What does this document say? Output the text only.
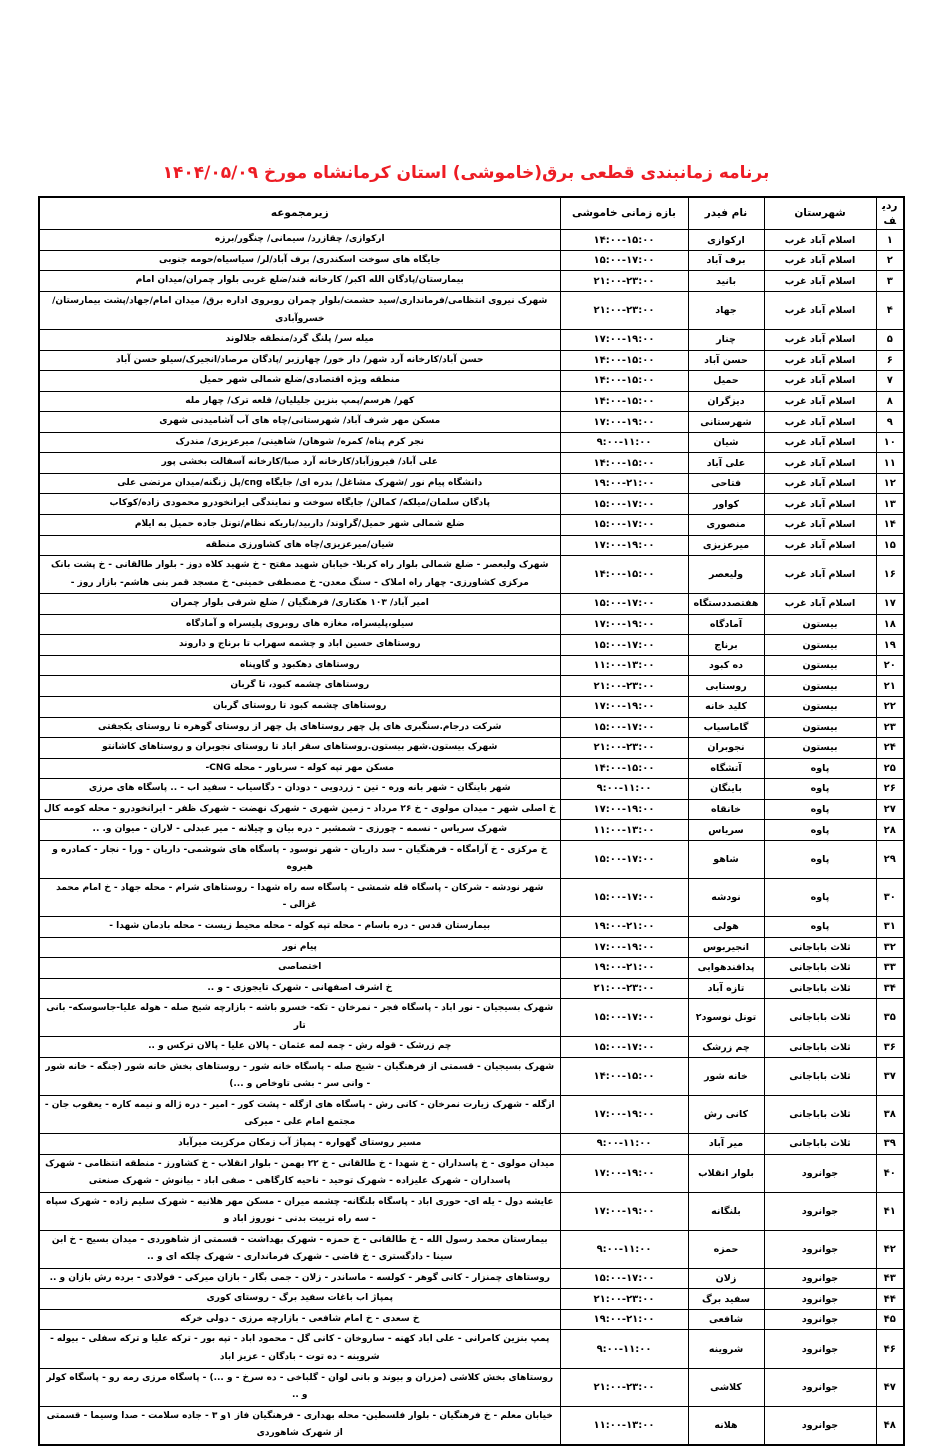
برنامه زمانبندی قطعی برق(خاموشی) استان کرمانشاه مورخ ۱۴۰۴/۰۵/۰۹
ردیف	شهرستان	نام فیدر	بازه زمانی خاموشی	زیرمجموعه
۱	اسلام آباد غرب	ارکوازی	۱۴:۰۰-۱۵:۰۰	ارکوازی/ چقازرد/ سیمانی/ چنگور/برزه
۲	اسلام آباد غرب	برف آباد	۱۵:۰۰-۱۷:۰۰	جایگاه های سوخت اسکندری/ برف آباد/لر/ سیاسیاه/حومه جنوبی
۳	اسلام آباد غرب	بانید	۲۱:۰۰-۲۳:۰۰	بیمارستان/پادگان الله اکبر/ کارخانه قند/ضلع غربی بلوار چمران/میدان امام
۴	اسلام آباد غرب	جهاد	۲۱:۰۰-۲۳:۰۰	شهرک نیروی انتظامی/فرمانداری/سید حشمت/بلوار چمران روبروی اداره برق/ میدان امام/جهاد/پشت بیمارستان/ خسروآبادی
۵	اسلام آباد غرب	چنار	۱۷:۰۰-۱۹:۰۰	میله سر/ پلنگ گرد/منطقه جلالوند
۶	اسلام آباد غرب	حسن آباد	۱۴:۰۰-۱۵:۰۰	حسن آباد/کارخانه آرد شهر/ دار خور/ چهارزبر /پادگان مرصاد/انجیرک/سیلو حسن آباد
۷	اسلام آباد غرب	حمیل	۱۴:۰۰-۱۵:۰۰	منطقه ویژه اقتصادی/ضلع شمالی شهر حمیل
۸	اسلام آباد غرب	دیزگران	۱۴:۰۰-۱۵:۰۰	کهر/ هرسم/پمپ بنزین جلیلیان/ قلعه ترک/ چهار مله
۹	اسلام آباد غرب	شهرستانی	۱۷:۰۰-۱۹:۰۰	مسکن مهر شرف آباد/ شهرستانی/چاه های آب آشامیدنی شهری
۱۰	اسلام آباد غرب	شیان	۹:۰۰-۱۱:۰۰	نجر کرم پناه/ کمره/ شوهان/ شاهینی/ میرعزیزی/ مندرک
۱۱	اسلام آباد غرب	علی آباد	۱۴:۰۰-۱۵:۰۰	علی آباد/ فیروزآباد/کارخانه آرد صبا/کارخانه آسفالت بخشی پور
۱۲	اسلام آباد غرب	فتاحی	۱۹:۰۰-۲۱:۰۰	دانشگاه پیام نور /شهرک مشاغل/ بدره ای/ جایگاه cng/پل زنگنه/میدان مرتضی علی
۱۳	اسلام آباد غرب	کواور	۱۵:۰۰-۱۷:۰۰	پادگان سلمان/میلکه/ کمالن/ جایگاه سوخت و نمایندگی ایرانخودرو محمودی زاده/کوکاب
۱۴	اسلام آباد غرب	منصوری	۱۵:۰۰-۱۷:۰۰	ضلع شمالی شهر حمیل/گراوند/ داربید/باریکه نظام/تونل جاده حمیل به ایلام
۱۵	اسلام آباد غرب	میرعزیزی	۱۷:۰۰-۱۹:۰۰	شیان/میرعزیزی/چاه های کشاورزی منطقه
۱۶	اسلام آباد غرب	ولیعصر	۱۴:۰۰-۱۵:۰۰	شهرک ولیعصر - ضلع شمالی بلوار راه کربلا- خیابان شهید مفتح - خ شهید کلاه دوز - بلوار طالقانی - خ پشت بانک مرکزی کشاورزی- چهار راه املاک - سنگ معدن- خ مصطفی خمینی- خ مسجد قمر بنی هاشم- بازار روز -
۱۷	اسلام آباد غرب	هفتصددستگاه	۱۵:۰۰-۱۷:۰۰	امیر آباد/ ۱۰۳ هکتاری/ فرهنگیان / ضلع شرقی بلوار چمران
۱۸	بیستون	آمادگاه	۱۷:۰۰-۱۹:۰۰	سیلو،پلیسراه، مغازه های روبروی پلیسراه و آمادگاه
۱۹	بیستون	برناج	۱۵:۰۰-۱۷:۰۰	روستاهای حسین اباد و چشمه سهراب تا برناج و داروند
۲۰	بیستون	ده کبود	۱۱:۰۰-۱۳:۰۰	روستاهای دهکبود و گاوپناه
۲۱	بیستون	روستایی	۲۱:۰۰-۲۳:۰۰	روستاهای چشمه کبود، تا گربان
۲۲	بیستون	کلید خانه	۱۷:۰۰-۱۹:۰۰	روستاهای چشمه کبود تا روستای گربان
۲۳	بیستون	گاماسیاب	۱۵:۰۰-۱۷:۰۰	شرکت درجام.سنگبری های پل چهر روستاهای پل چهر از روستای گوهره تا روستای یکجفتی
۲۴	بیستون	نجوبران	۲۱:۰۰-۲۳:۰۰	شهرک بیستون.شهر بیستون.روستاهای سقر اباد تا روستای نجوبران و روستاهای کاشانتو
۲۵	پاوه	آتشگاه	۱۴:۰۰-۱۵:۰۰	مسکن مهر تپه کوله - سرباور - محله CNG-
۲۶	پاوه	باینگان	۹:۰۰-۱۱:۰۰	شهر باینگان - شهر بانه وره - تین - زردویی - دودان - دگاسیاب - سفید اب - .. پاسگاه های مرزی
۲۷	پاوه	خانقاه	۱۷:۰۰-۱۹:۰۰	خ اصلی شهر - میدان مولوی - خ ۲۶ مرداد - زمین شهری - شهرک نهضت - شهرک ظفر - ایرانخودرو - محله کومه کال
۲۸	پاوه	سریاس	۱۱:۰۰-۱۳:۰۰	شهرک سریاس - نسمه - چورزی - شمشیر - دره بیان و چیلانه - میر عبدلی - لاران - میوان و. ..
۲۹	پاوه	شاهو	۱۵:۰۰-۱۷:۰۰	خ مرکزی - خ آرامگاه - فرهنگیان - سد داریان - شهر نوسود - پاسگاه های شوشمی- داریان - ورا - نجار - کمادره و هیروه
۳۰	پاوه	نودشه	۱۵:۰۰-۱۷:۰۰	شهر نودشه - شرکان - پاسگاه قله شمشی - پاسگاه سه راه شهدا - روستاهای شرام - محله جهاد - خ امام محمد غزالی -
۳۱	پاوه	هولی	۱۹:۰۰-۲۱:۰۰	بیمارستان قدس - دره باسام - محله تپه کوله - محله محیط زیست - محله بادمان شهدا -
۳۲	ثلاث باباجانی	انجیربوس	۱۷:۰۰-۱۹:۰۰	پیام نور
۳۳	ثلاث باباجانی	پدافندهوایی	۱۹:۰۰-۲۱:۰۰	اختصاصی
۳۴	ثلاث باباجانی	تازه آباد	۲۱:۰۰-۲۳:۰۰	خ اشرف اصفهانی - شهرک تایجوزی - و ..
۳۵	ثلاث باباجانی	تونل نوسود۲	۱۵:۰۰-۱۷:۰۰	شهرک بسیجیان - نور اباد - پاسگاه فجر - نمرخان - تکه- خسرو باشه - بازارچه شیخ صله - هوله علیا-جاسوسکه- بانی تار
۳۶	ثلاث باباجانی	چم زرشک	۱۵:۰۰-۱۷:۰۰	چم زرشک - قوله رش - چمه لمه عثمان - پالان علیا - پالان ترکس و ..
۳۷	ثلاث باباجانی	خانه شور	۱۴:۰۰-۱۵:۰۰	شهرک بسیجیان - قسمتی از فرهنگیان - شیخ صله - پاسگاه خانه شور - روستاهای بخش خانه شور (جنگه - خانه شور - وانی سر - بشی تاوخاص و ...)
۳۸	ثلاث باباجانی	کانی رش	۱۷:۰۰-۱۹:۰۰	ازگله - شهرک زیارت نمرخان - کانی رش - پاسگاه های ازگله - پشت کور - امیر - دره ژاله و نیمه کاره - یعقوب جان - مجتمع امام علی - میرکی
۳۹	ثلاث باباجانی	میر آباد	۹:۰۰-۱۱:۰۰	مسیر روستای گهواره - پمپاژ آب زمکان مرکزیت میرآباد
۴۰	جوانرود	بلوار انقلاب	۱۷:۰۰-۱۹:۰۰	میدان مولوی - خ پاسداران - خ شهدا - خ طالقانی - خ ۲۲ بهمن - بلوار انقلاب - خ کشاورز - منطقه انتظامی - شهرک پاسداران - شهرک علیزاده - شهرک توحید - ناحیه کارگاهی - صفی اباد - بیانوش - شهرک صنعتی
۴۱	جوانرود	بلنگانه	۱۷:۰۰-۱۹:۰۰	عایشه دول - یله ای- حوری اباد - پاسگاه بلنگانه- چشمه میران - مسکن مهر هلانیه - شهرک سلیم زاده - شهرک سپاه - سه راه تربیت بدنی - نوروز اباد و
۴۲	جوانرود	حمزه	۹:۰۰-۱۱:۰۰	بیمارستان محمد رسول الله - خ طالقانی - خ حمزه - شهرک بهداشت - قسمتی از شاهوردی - میدان بسیج - خ ابن سینا - دادگستری - خ قاضی - شهرک فرمانداری - شهرک چلکه ای و ..
۴۳	جوانرود	زلان	۱۵:۰۰-۱۷:۰۰	روستاهای چمنزار - کانی گوهر - کولسه - ماساندر - زلان - جمی بگار - بازان میرکی - فولادی - برده رش بازان و ..
۴۴	جوانرود	سفید برگ	۲۱:۰۰-۲۳:۰۰	پمپاژ اب باغات سفید برگ - روستای کوری
۴۵	جوانرود	شافعی	۱۹:۰۰-۲۱:۰۰	خ سعدی - خ امام شافعی - بازارچه مرزی - دولی خرکه
۴۶	جوانرود	شروینه	۹:۰۰-۱۱:۰۰	پمپ بنزین کامرانی - علی اباد کهنه - ساروخان - کانی گل - محمود اباد - تپه بور - ترکه علیا و ترکه سفلی - بیوله - شروینه - ده توت - بادگان - عزیز اباد
۴۷	جوانرود	کلاشی	۲۱:۰۰-۲۳:۰۰	روستاهای بخش کلاشی (مزران و بیوند و بانی لوان - گلباخی - ده سرخ - و ...) - پاسگاه مرزی رمه رو - پاسگاه کولر و ..
۴۸	جوانرود	هلانه	۱۱:۰۰-۱۳:۰۰	خیابان معلم - خ فرهنگیان - بلوار فلسطین- محله بهداری - فرهنگیان فاز ۱و ۳ - جاده سلامت - صدا وسیما - قسمتی از شهرک شاهوردی
